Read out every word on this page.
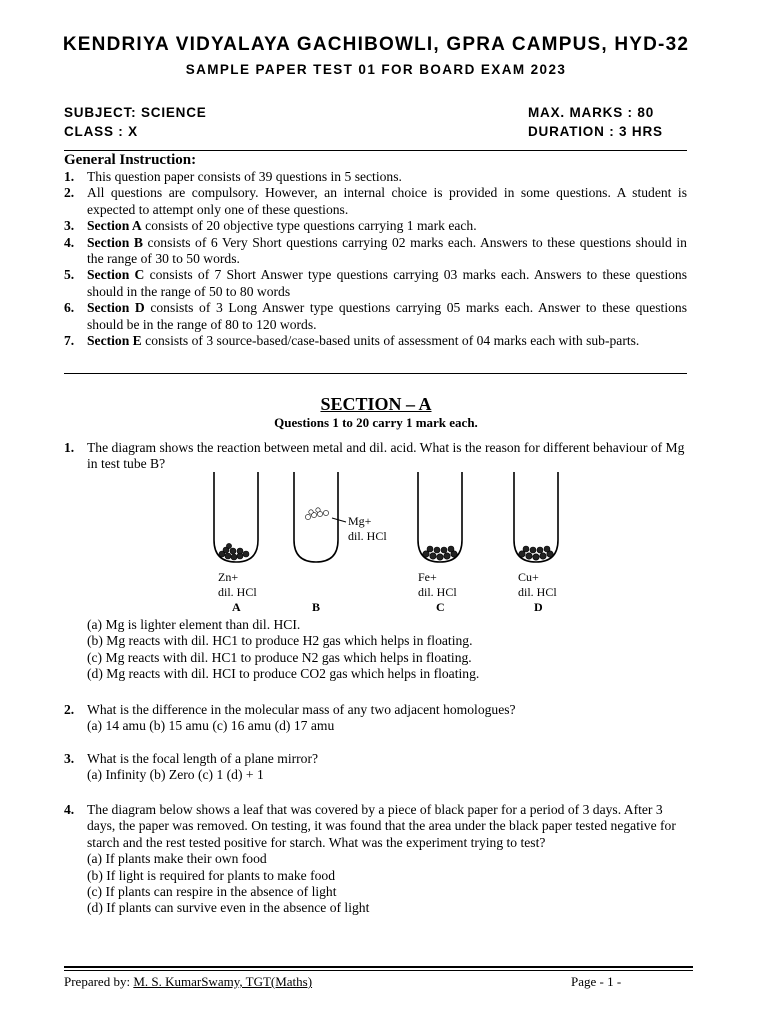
KENDRIYA VIDYALAYA GACHIBOWLI, GPRA CAMPUS, HYD-32
SAMPLE PAPER TEST 01 FOR BOARD EXAM 2023
SUBJECT: SCIENCE	MAX. MARKS : 80
CLASS : X	DURATION : 3 HRS
General Instruction:
1. This question paper consists of 39 questions in 5 sections.
2. All questions are compulsory. However, an internal choice is provided in some questions. A student is expected to attempt only one of these questions.
3. Section A consists of 20 objective type questions carrying 1 mark each.
4. Section B consists of 6 Very Short questions carrying 02 marks each. Answers to these questions should in the range of 30 to 50 words.
5. Section C consists of 7 Short Answer type questions carrying 03 marks each. Answers to these questions should in the range of 50 to 80 words
6. Section D consists of 3 Long Answer type questions carrying 05 marks each. Answer to these questions should be in the range of 80 to 120 words.
7. Section E consists of 3 source-based/case-based units of assessment of 04 marks each with sub-parts.
SECTION – A
Questions 1 to 20 carry 1 mark each.
1. The diagram shows the reaction between metal and dil. acid. What is the reason for different behaviour of Mg in test tube B?
Zn+
dil. HCl
A
Mg+
dil. HCl
B
Fe+
dil. HCl
C
Cu+
dil. HCl
D
(a) Mg is lighter element than dil. HCI.
(b) Mg reacts with dil. HC1 to produce H2 gas which helps in floating.
(c) Mg reacts with dil. HC1 to produce N2 gas which helps in floating.
(d) Mg reacts with dil. HCI to produce CO2 gas which helps in floating.
2. What is the difference in the molecular mass of any two adjacent homologues?
(a) 14 amu (b) 15 amu (c) 16 amu (d) 17 amu
3. What is the focal length of a plane mirror?
(a) Infinity (b) Zero (c) 1 (d) + 1
4. The diagram below shows a leaf that was covered by a piece of black paper for a period of 3 days. After 3 days, the paper was removed. On testing, it was found that the area under the black paper tested negative for starch and the rest tested positive for starch. What was the experiment trying to test?
(a) If plants make their own food
(b) If light is required for plants to make food
(c) If plants can respire in the absence of light
(d) If plants can survive even in the absence of light
Prepared by: M. S. KumarSwamy, TGT(Maths)	Page - 1 -
